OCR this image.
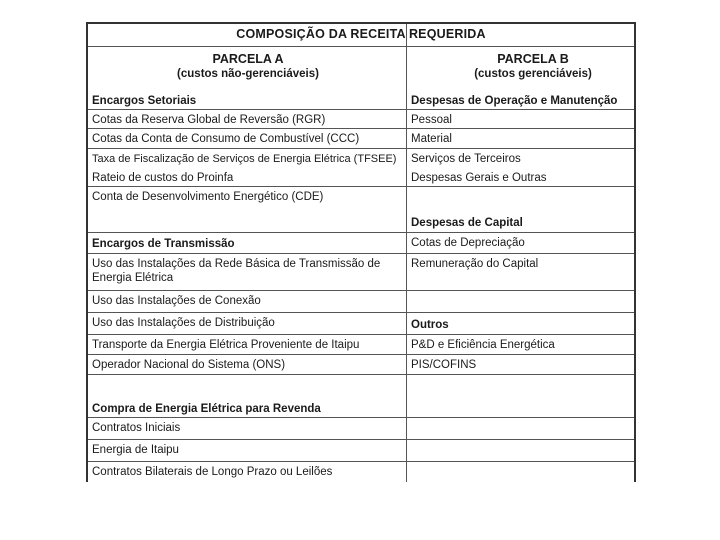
COMPOSIÇÃO DA RECEITA REQUERIDA
PARCELA A
(custos não-gerenciáveis)
PARCELA B
(custos gerenciáveis)
Encargos Setoriais
Cotas da Reserva Global de Reversão (RGR)
Cotas da Conta de Consumo de Combustível (CCC)
Taxa de Fiscalização de Serviços de Energia Elétrica (TFSEE)
Rateio de custos do Proinfa
Conta de Desenvolvimento Energético (CDE)
Encargos de Transmissão
Uso das Instalações da Rede Básica de Transmissão de Energia Elétrica
Uso das Instalações de Conexão
Uso das Instalações de Distribuição
Transporte da Energia Elétrica Proveniente de Itaipu
Operador Nacional do Sistema (ONS)
Compra de Energia Elétrica para Revenda
Contratos Iniciais
Energia de Itaipu
Contratos Bilaterais de Longo Prazo ou Leilões
Despesas de Operação e Manutenção
Pessoal
Material
Serviços de Terceiros
Despesas Gerais e Outras
Despesas de Capital
Cotas de Depreciação
Remuneração do Capital
Outros
P&D e Eficiência Energética
PIS/COFINS
